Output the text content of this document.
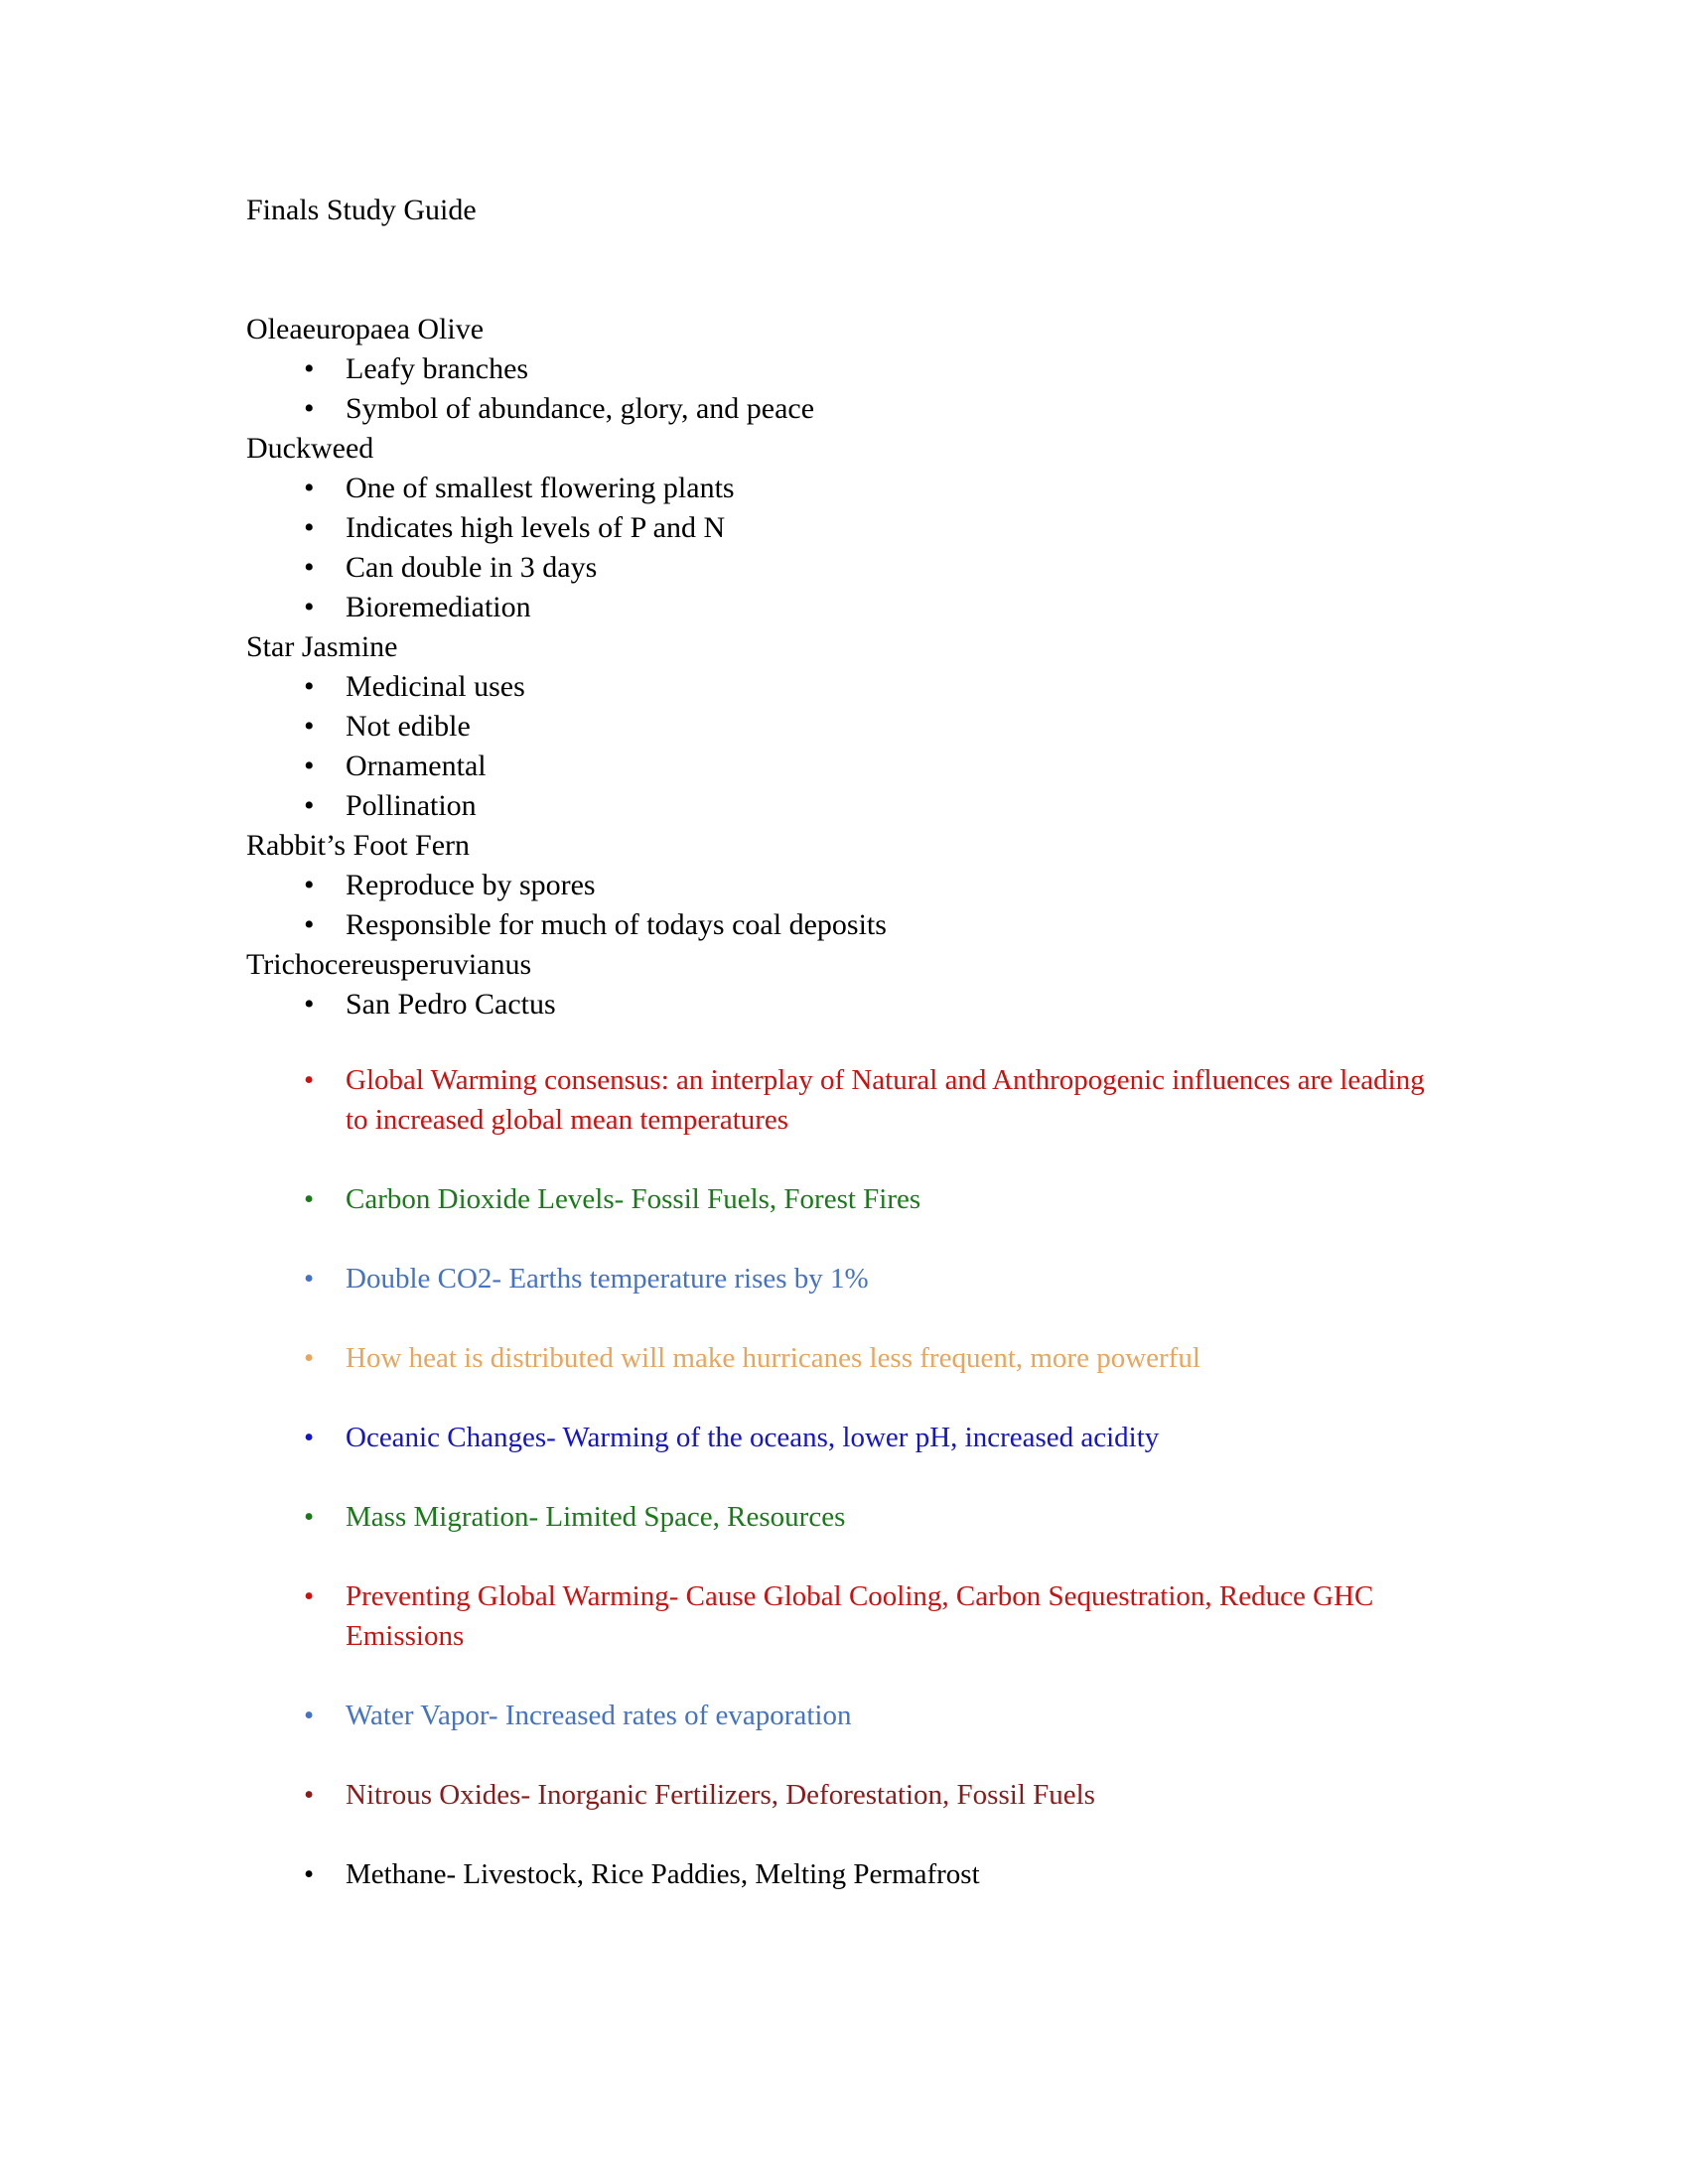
Finals Study Guide
Oleaeuropaea Olive
• Leafy branches
• Symbol of abundance, glory, and peace
Duckweed
• One of smallest flowering plants
• Indicates high levels of P and N
• Can double in 3 days
• Bioremediation
Star Jasmine
• Medicinal uses
• Not edible
• Ornamental
• Pollination
Rabbit’s Foot Fern
• Reproduce by spores
• Responsible for much of todays coal deposits
Trichocereusperuvianus
• San Pedro Cactus
• Global Warming consensus: an interplay of Natural and Anthropogenic influences are leading to increased global mean temperatures
• Carbon Dioxide Levels- Fossil Fuels, Forest Fires
• Double CO2- Earths temperature rises by 1%
• How heat is distributed will make hurricanes less frequent, more powerful
• Oceanic Changes- Warming of the oceans, lower pH, increased acidity
• Mass Migration- Limited Space, Resources
• Preventing Global Warming- Cause Global Cooling, Carbon Sequestration, Reduce GHC Emissions
• Water Vapor- Increased rates of evaporation
• Nitrous Oxides- Inorganic Fertilizers, Deforestation, Fossil Fuels
• Methane- Livestock, Rice Paddies, Melting Permafrost
